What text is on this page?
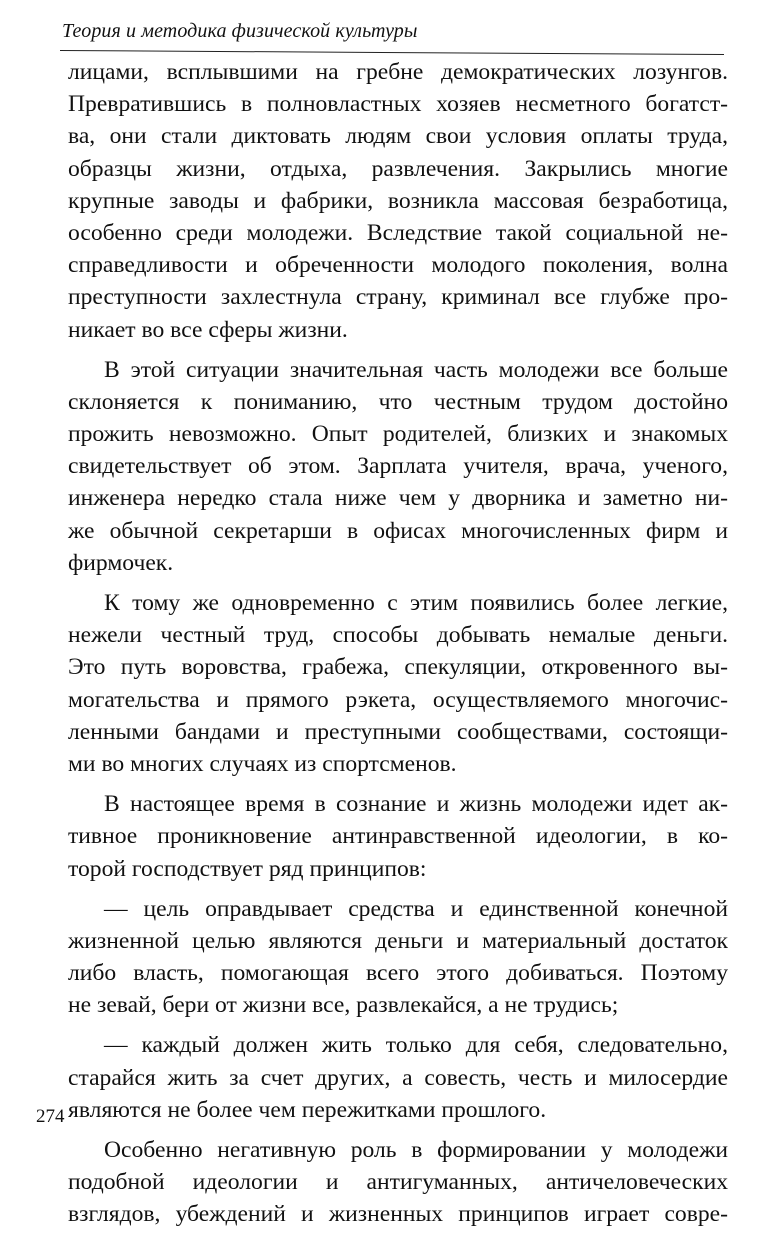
Теория и методика физической культуры
лицами, всплывшими на гребне демократических лозунгов.
Превратившись в полновластных хозяев несметного богатст-
ва, они стали диктовать людям свои условия оплаты труда,
образцы жизни, отдыха, развлечения. Закрылись многие
крупные заводы и фабрики, возникла массовая безработица,
особенно среди молодежи. Вследствие такой социальной не-
справедливости и обреченности молодого поколения, волна
преступности захлестнула страну, криминал все глубже про-
никает во все сферы жизни.
В этой ситуации значительная часть молодежи все больше
склоняется к пониманию, что честным трудом достойно
прожить невозможно. Опыт родителей, близких и знакомых
свидетельствует об этом. Зарплата учителя, врача, ученого,
инженера нередко стала ниже чем у дворника и заметно ни-
же обычной секретарши в офисах многочисленных фирм и
фирмочек.
К тому же одновременно с этим появились более легкие,
нежели честный труд, способы добывать немалые деньги.
Это путь воровства, грабежа, спекуляции, откровенного вы-
могательства и прямого рэкета, осуществляемого многочис-
ленными бандами и преступными сообществами, состоящи-
ми во многих случаях из спортсменов.
В настоящее время в сознание и жизнь молодежи идет ак-
тивное проникновение антинравственной идеологии, в ко-
торой господствует ряд принципов:
— цель оправдывает средства и единственной конечной
жизненной целью являются деньги и материальный достаток
либо власть, помогающая всего этого добиваться. Поэтому
не зевай, бери от жизни все, развлекайся, а не трудись;
— каждый должен жить только для себя, следовательно,
старайся жить за счет других, а совесть, честь и милосердие
являются не более чем пережитками прошлого.
Особенно негативную роль в формировании у молодежи
подобной идеологии и антигуманных, античеловеческих
взглядов, убеждений и жизненных принципов играет совре-
274
